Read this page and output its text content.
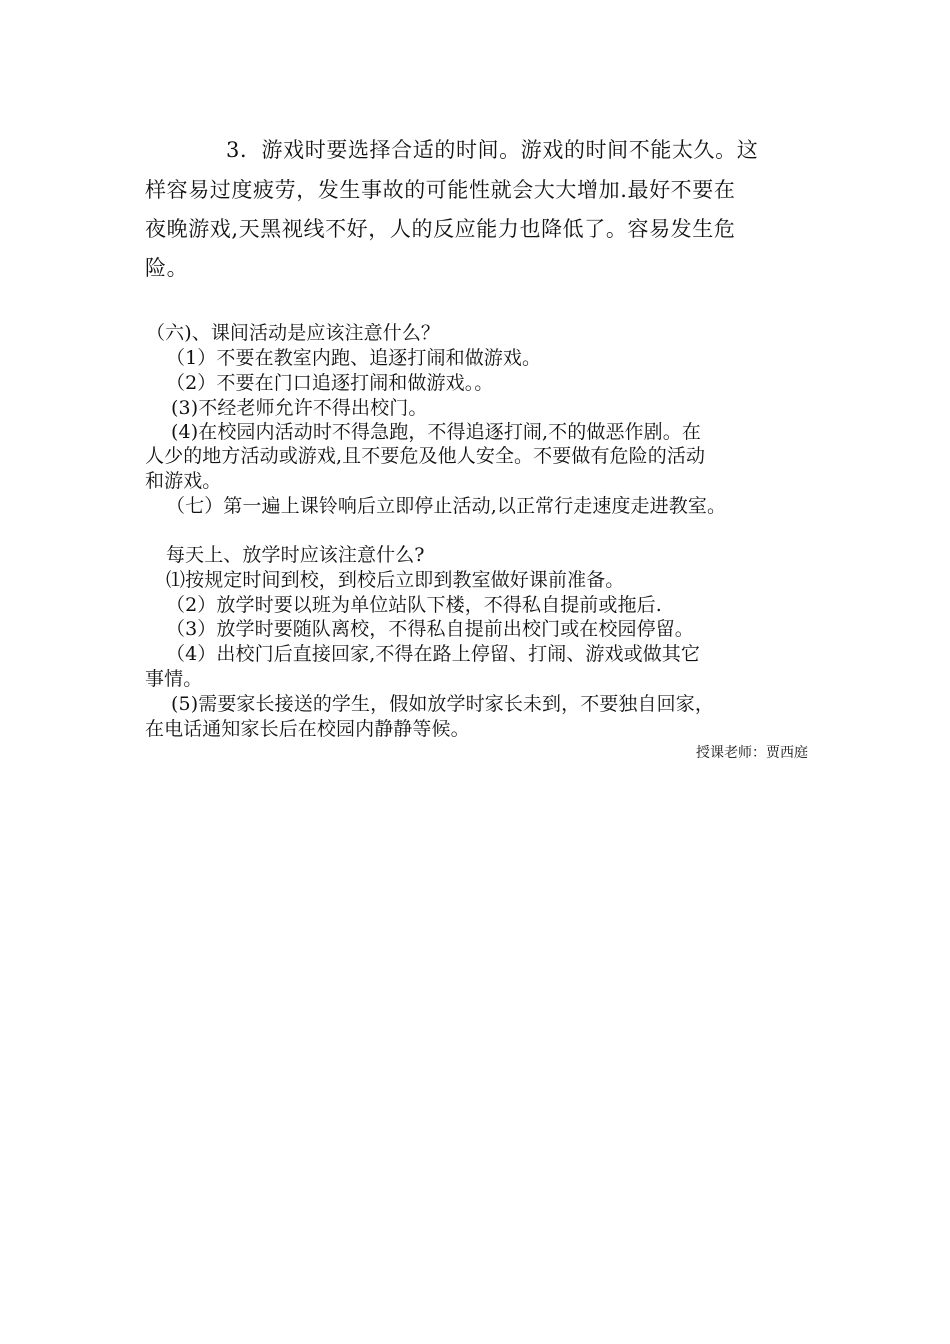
3．游戏时要选择合适的时间。游戏的时间不能太久。这

样容易过度疲劳，发生事故的可能性就会大大增加.最好不要在

夜晚游戏,天黑视线不好，人的反应能力也降低了。容易发生危

险。

（六)、课间活动是应该注意什么？

（1）不要在教室内跑、追逐打闹和做游戏。

（2）不要在门口追逐打闹和做游戏。。

(3)不经老师允许不得出校门。

(4)在校园内活动时不得急跑，不得追逐打闹,不的做恶作剧。在

人少的地方活动或游戏,且不要危及他人安全。不要做有危险的活动

和游戏。

（七）第一遍上课铃响后立即停止活动,以正常行走速度走进教室。

每天上、放学时应该注意什么?

⑴按规定时间到校，到校后立即到教室做好课前准备。

（2）放学时要以班为单位站队下楼，不得私自提前或拖后.

（3）放学时要随队离校，不得私自提前出校门或在校园停留。

（4）出校门后直接回家,不得在路上停留、打闹、游戏或做其它

事情。

(5)需要家长接送的学生，假如放学时家长未到，不要独自回家，

在电话通知家长后在校园内静静等候。

授课老师：贾西庭
